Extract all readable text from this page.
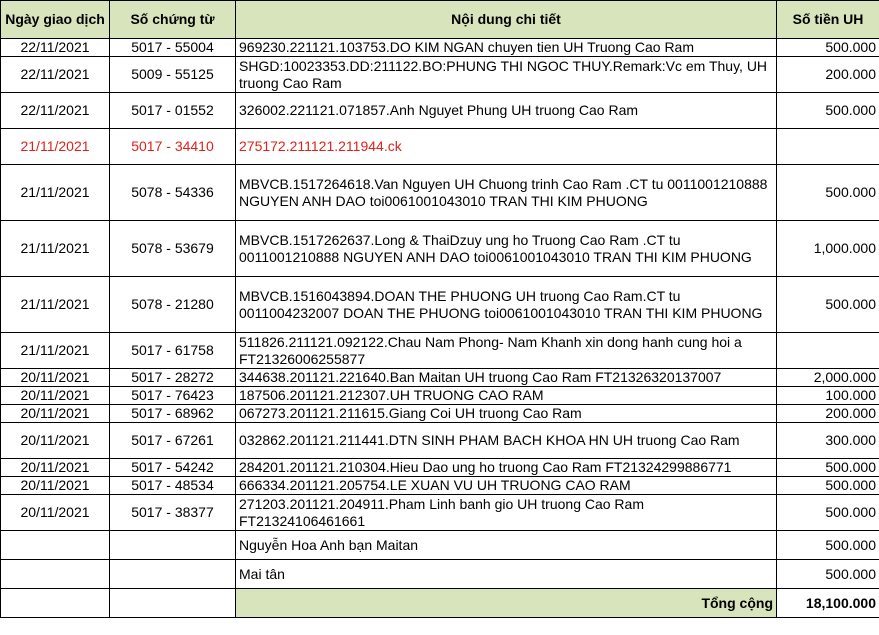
Ngày giao dịch	Số chứng từ	Nội dung chi tiết	Số tiền UH
22/11/2021	5017 - 55004	969230.221121.103753.DO KIM NGAN chuyen tien UH Truong Cao Ram	500.000
22/11/2021	5009 - 55125	SHGD:10023353.DD:211122.BO:PHUNG THI NGOC THUY.Remark:Vc em Thuy, UH truong Cao Ram	200.000
22/11/2021	5017 - 01552	326002.221121.071857.Anh Nguyet Phung UH truong Cao Ram	500.000
21/11/2021	5017 - 34410	275172.211121.211944.ck	
21/11/2021	5078 - 54336	MBVCB.1517264618.Van Nguyen UH Chuong trinh Cao Ram .CT tu 0011001210888 NGUYEN ANH DAO toi0061001043010 TRAN THI KIM PHUONG	500.000
21/11/2021	5078 - 53679	MBVCB.1517262637.Long & ThaiDzuy ung ho Truong Cao Ram .CT tu 0011001210888 NGUYEN ANH DAO toi0061001043010 TRAN THI KIM PHUONG	1,000.000
21/11/2021	5078 - 21280	MBVCB.1516043894.DOAN THE PHUONG UH truong Cao Ram.CT tu 0011004232007 DOAN THE PHUONG toi0061001043010 TRAN THI KIM PHUONG	500.000
21/11/2021	5017 - 61758	511826.211121.092122.Chau Nam Phong- Nam Khanh xin dong hanh cung hoi a FT21326006255877	
20/11/2021	5017 - 28272	344638.201121.221640.Ban Maitan UH truong Cao Ram FT21326320137007	2,000.000
20/11/2021	5017 - 76423	187506.201121.212307.UH TRUONG CAO RAM	100.000
20/11/2021	5017 - 68962	067273.201121.211615.Giang Coi UH truong Cao Ram	200.000
20/11/2021	5017 - 67261	032862.201121.211441.DTN SINH PHAM BACH KHOA HN UH truong Cao Ram	300.000
20/11/2021	5017 - 54242	284201.201121.210304.Hieu Dao ung ho truong Cao Ram FT21324299886771	500.000
20/11/2021	5017 - 48534	666334.201121.205754.LE XUAN VU UH TRUONG CAO RAM	500.000
20/11/2021	5017 - 38377	271203.201121.204911.Pham Linh banh gio UH truong Cao Ram FT21324106461661	500.000
		Nguyễn Hoa Anh bạn Maitan	500.000
		Mai tân	500.000
		Tổng cộng	18,100.000
